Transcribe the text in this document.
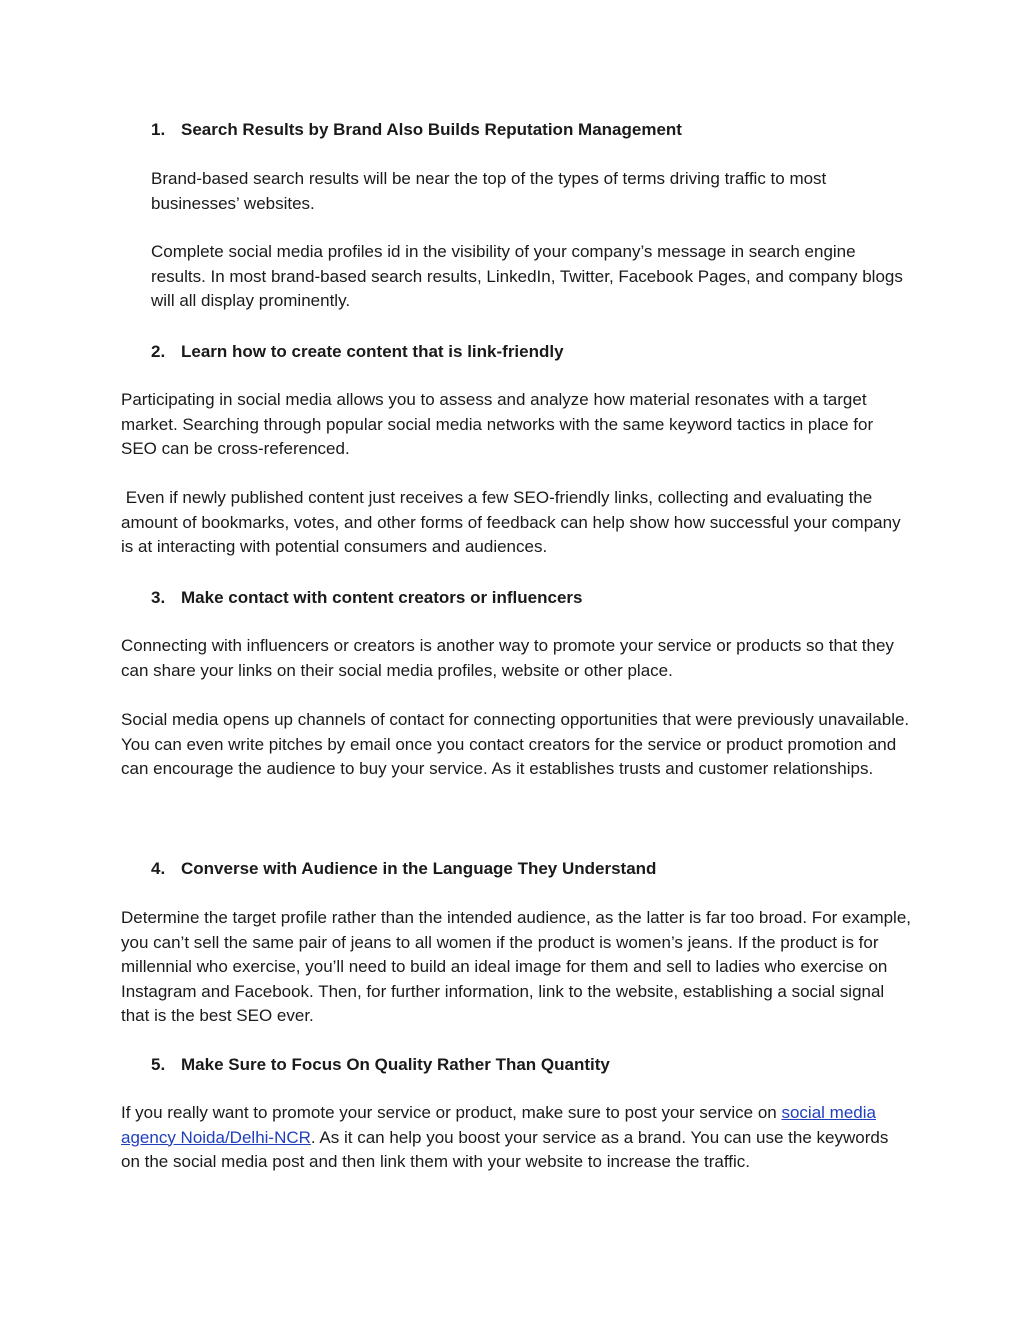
1. Search Results by Brand Also Builds Reputation Management

Brand-based search results will be near the top of the types of terms driving traffic to most businesses’ websites.

Complete social media profiles id in the visibility of your company’s message in search engine results. In most brand-based search results, LinkedIn, Twitter, Facebook Pages, and company blogs will all display prominently.

2. Learn how to create content that is link-friendly

Participating in social media allows you to assess and analyze how material resonates with a target market. Searching through popular social media networks with the same keyword tactics in place for SEO can be cross-referenced.

Even if newly published content just receives a few SEO-friendly links, collecting and evaluating the amount of bookmarks, votes, and other forms of feedback can help show how successful your company is at interacting with potential consumers and audiences.

3. Make contact with content creators or influencers

Connecting with influencers or creators is another way to promote your service or products so that they can share your links on their social media profiles, website or other place.

Social media opens up channels of contact for connecting opportunities that were previously unavailable. You can even write pitches by email once you contact creators for the service or product promotion and can encourage the audience to buy your service. As it establishes trusts and customer relationships.

4. Converse with Audience in the Language They Understand

Determine the target profile rather than the intended audience, as the latter is far too broad. For example, you can’t sell the same pair of jeans to all women if the product is women’s jeans. If the product is for millennial who exercise, you’ll need to build an ideal image for them and sell to ladies who exercise on Instagram and Facebook. Then, for further information, link to the website, establishing a social signal that is the best SEO ever.

5. Make Sure to Focus On Quality Rather Than Quantity

If you really want to promote your service or product, make sure to post your service on social media agency Noida/Delhi-NCR. As it can help you boost your service as a brand. You can use the keywords on the social media post and then link them with your website to increase the traffic.
